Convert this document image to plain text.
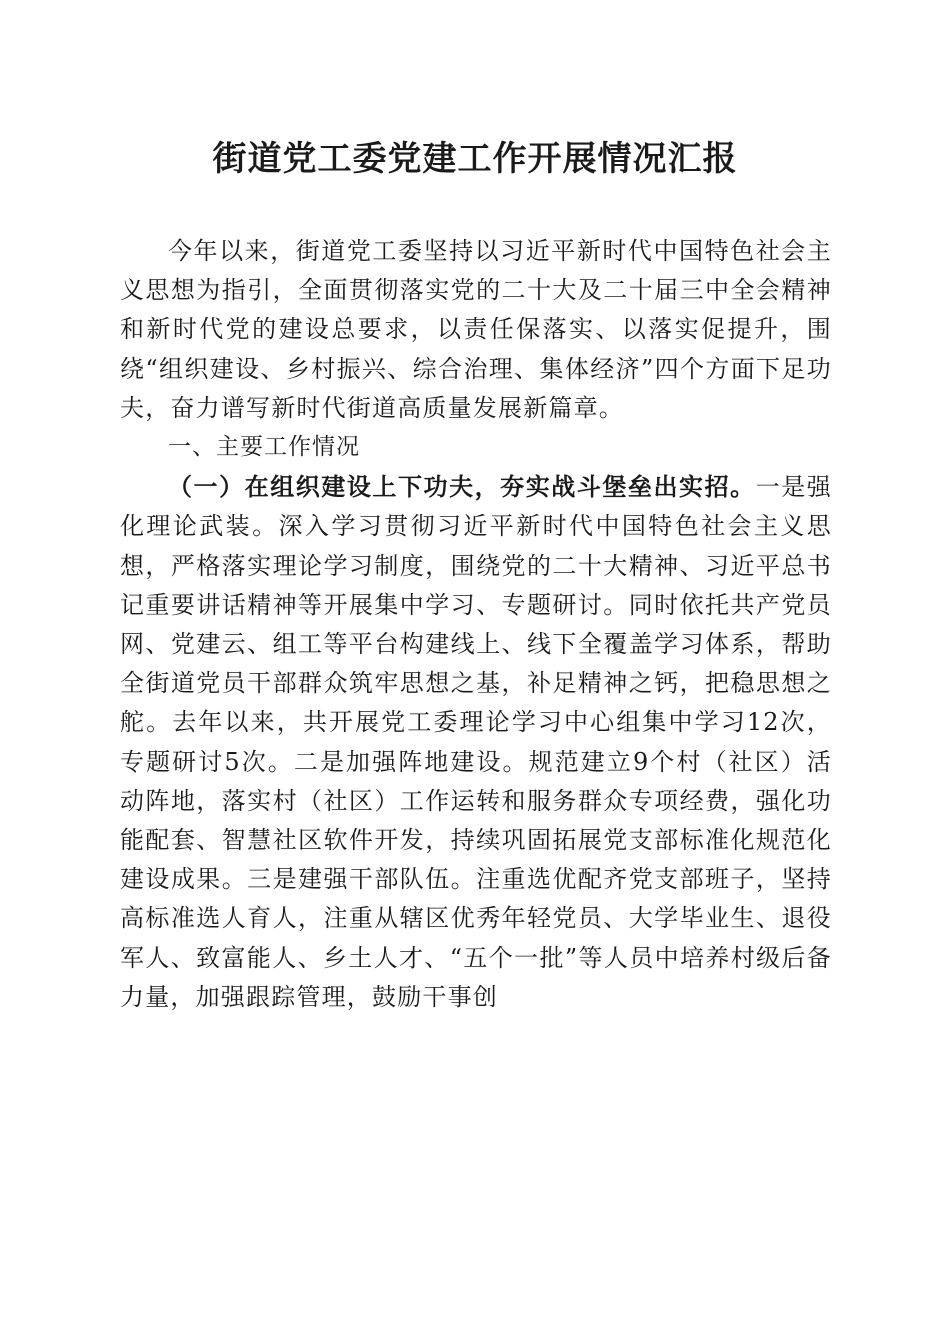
街道党工委党建工作开展情况汇报

今年以来，街道党工委坚持以习近平新时代中国特色社会主义思想为指引，全面贯彻落实党的二十大及二十届三中全会精神和新时代党的建设总要求，以责任保落实、以落实促提升，围绕“组织建设、乡村振兴、综合治理、集体经济”四个方面下足功夫，奋力谱写新时代街道高质量发展新篇章。

一、主要工作情况

（一）在组织建设上下功夫，夯实战斗堡垒出实招。一是强化理论武装。深入学习贯彻习近平新时代中国特色社会主义思想，严格落实理论学习制度，围绕党的二十大精神、习近平总书记重要讲话精神等开展集中学习、专题研讨。同时依托共产党员网、党建云、组工等平台构建线上、线下全覆盖学习体系，帮助全街道党员干部群众筑牢思想之基，补足精神之钙，把稳思想之舵。去年以来，共开展党工委理论学习中心组集中学习12次，专题研讨5次。二是加强阵地建设。规范建立9个村（社区）活动阵地，落实村（社区）工作运转和服务群众专项经费，强化功能配套、智慧社区软件开发，持续巩固拓展党支部标准化规范化建设成果。三是建强干部队伍。注重选优配齐党支部班子，坚持高标准选人育人，注重从辖区优秀年轻党员、大学毕业生、退役军人、致富能人、乡土人才、“五个一批”等人员中培养村级后备力量，加强跟踪管理，鼓励干事创
